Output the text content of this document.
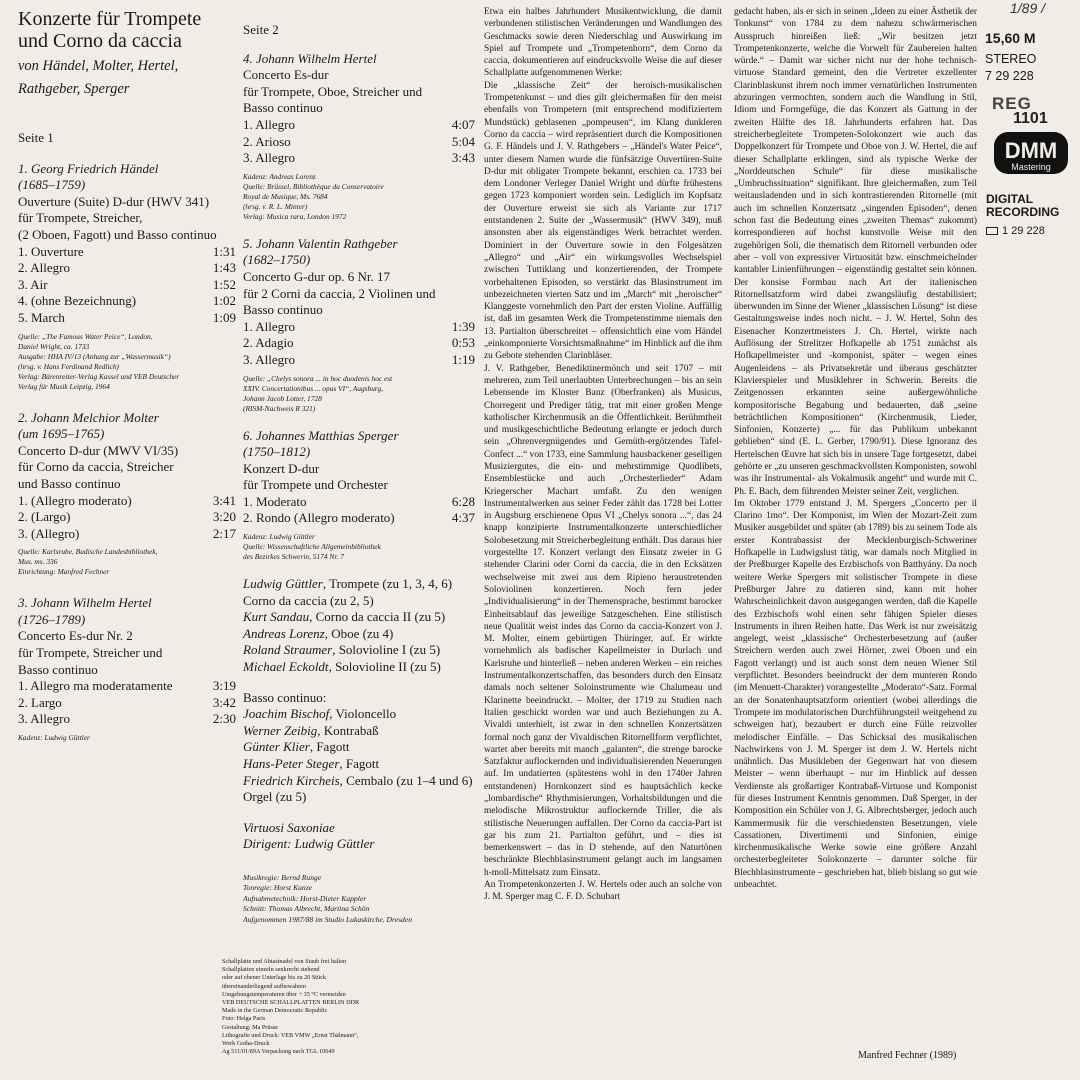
Konzerte für Trompete
und Corno da caccia
von Händel, Molter, Hertel,
Rathgeber, Sperger
Seite 1
1. Georg Friedrich Händel
(1685–1759)
Ouverture (Suite) D-dur (HWV 341)
für Trompete, Streicher,
(2 Oboen, Fagott) und Basso continuo
1. Ouverture	1:31
2. Allegro	1:43
3. Air	1:52
4. (ohne Bezeichnung)	1:02
5. March	1:09
Quelle: „The Famous Water Peice“, London,
Daniel Wright, ca. 1733
Ausgabe: HHA IV/13 (Anhang zur „Wassermusik“)
(hrsg. v. Hans Ferdinand Redlich)
Verlag: Bärenreiter-Verlag Kassel und VEB Deutscher
Verlag für Musik Leipzig, 1964
2. Johann Melchior Molter
(um 1695–1765)
Concerto D-dur (MWV VI/35)
für Corno da caccia, Streicher
und Basso continuo
1. (Allegro moderato)	3:41
2. (Largo)	3:20
3. (Allegro)	2:17
Quelle: Karlsruhe, Badische Landesbibliothek,
Mus. ms. 336
Einrichtung: Manfred Fechner
3. Johann Wilhelm Hertel
(1726–1789)
Concerto Es-dur Nr. 2
für Trompete, Streicher und
Basso continuo
1. Allegro ma moderatamente	3:19
2. Largo	3:42
3. Allegro	2:30
Kadenz: Ludwig Güttler
Seite 2
4. Johann Wilhelm Hertel
Concerto Es-dur
für Trompete, Oboe, Streicher und
Basso continuo
1. Allegro	4:07
2. Arioso	5:04
3. Allegro	3:43
Kadenz: Andreas Lorenz
Quelle: Brüssel, Bibliothèque du Conservatoire
Royal de Musique, Ms. 7684
(hrsg. v. R. L. Minter)
Verlag: Musica rara, London 1972
5. Johann Valentin Rathgeber
(1682–1750)
Concerto G-dur op. 6 Nr. 17
für 2 Corni da caccia, 2 Violinen und
Basso continuo
1. Allegro	1:39
2. Adagio	0:53
3. Allegro	1:19
Quelle: „Chelys sonora ... in hoc duodenis hoc est
XXIV. Concertationibus ... opus VI“, Augsburg,
Johann Jacob Lotter, 1728
(RISM-Nachweis R 321)
6. Johannes Matthias Sperger
(1750–1812)
Konzert D-dur
für Trompete und Orchester
1. Moderato	6:28
2. Rondo (Allegro moderato)	4:37
Kadenz: Ludwig Güttler
Quelle: Wissenschaftliche Allgemeinbibliothek
des Bezirkes Schwerin, 5174 Nr. 7
Ludwig Güttler, Trompete (zu 1, 3, 4, 6)
Corno da caccia (zu 2, 5)
Kurt Sandau, Corno da caccia II (zu 5)
Andreas Lorenz, Oboe (zu 4)
Roland Straumer, Solovioline I (zu 5)
Michael Eckoldt, Solovioline II (zu 5)
Basso continuo:
Joachim Bischof, Violoncello
Werner Zeibig, Kontrabaß
Günter Klier, Fagott
Hans-Peter Steger, Fagott
Friedrich Kircheis, Cembalo (zu 1–4 und 6)
Orgel (zu 5)
Virtuosi Saxoniae
Dirigent: Ludwig Güttler
Musikregie: Bernd Runge
Tonregie: Horst Kunze
Aufnahmetechnik: Horst-Dieter Kappler
Schnitt: Thomas Albrecht, Martina Schön
Aufgenommen 1987/88 im Studio Lukaskirche, Dresden
Schallplatte und Abtastnadel von Staub frei halten
Schallplatten einzeln senkrecht stehend
oder auf ebener Unterlage bis zu 20 Stück
übereinanderliegend aufbewahren
Umgebungstemperaturen über + 35 °C vermeiden
VEB DEUTSCHE SCHALLPLATTEN BERLIN DDR
Made in the German Democratic Republic
Foto: Helga Paris
Gestaltung: Ma Prüsse
Lithografie und Druck: VEB VMW „Ernst Thälmann“,
Werk Gotha-Druck
Ag 511/01/89A Verpackung nach TGL 10649

Etwa ein halbes Jahrhundert Musikentwicklung, die damit verbundenen stilistischen Veränderungen und Wandlungen des Geschmacks sowie deren Niederschlag und Auswirkung im Spiel auf Trompete und „Trompetenhorn“, dem Corno da caccia, dokumentieren auf eindrucksvolle Weise die auf dieser Schallplatte aufgenommenen Werke:

Die „klassische Zeit“ der heroisch-musikalischen Trompetenkunst – und dies gilt gleichermaßen für den meist ebenfalls von Trompetern (mit entsprechend modifiziertem Mundstück) geblasenen „pompeusen“, im Klang dunkleren Corno da caccia – wird repräsentiert durch die Kompositionen G. F. Händels und J. V. Rathgebers – „Händel's Water Peice“, unter diesem Namen wurde die fünfsätzige Ouvertüren-Suite D-dur mit obligater Trompete bekannt, erschien ca. 1733 bei dem Londoner Verleger Daniel Wright und dürfte frühestens gegen 1723 komponiert worden sein. Lediglich im Kopfsatz der Ouverture erweist sie sich als Variante zur 1717 entstandenen 2. Suite der „Wassermusik“ (HWV 349), muß ansonsten aber als eigenständiges Werk betrachtet werden. Dominiert in der Ouverture sowie in den Folgesätzen „Allegro“ und „Air“ ein wirkungsvolles Wechselspiel zwischen Tuttiklang und konzertierenden, der Trompete vorbehaltenen Episoden, so verstärkt das Blasinstrument im unbezeichneten vierten Satz und im „March“ mit „heroischer“ Klanggeste vornehmlich den Part der ersten Violine. Auffällig ist, daß im gesamten Werk die Trompetenstimme niemals den 13. Partialton überschreitet – offensichtlich eine vom Händel „einkomponierte Vorsichtsmaßnahme“ im Hinblick auf die ihm zu Gebote stehenden Clarinbläser.

J. V. Rathgeber, Benediktinermönch und seit 1707 – mit mehreren, zum Teil unerlaubten Unterbrechungen – bis an sein Lebensende im Kloster Banz (Oberfranken) als Musicus, Chorregent und Prediger tätig, trat mit einer großen Menge katholischer Kirchenmusik an die Öffentlichkeit. Berühmtheit und musikgeschichtliche Bedeutung erlangte er jedoch durch sein „Ohrenvergnügendes und Gemüth-ergötzendes Tafel-Confect ...“ von 1733, eine Sammlung hausbackener geselligen Musiziergutes, die ein- und mehrstimmige Quodlibets, Ensemblestücke und auch „Orchesterlieder“ Adam Kriegerscher Machart umfaßt. Zu den wenigen Instrumentalwerken aus seiner Feder zählt das 1728 bei Lotter in Augsburg erschienene Opus VI „Chelys sonora ...“, das 24 knapp konzipierte Instrumentalkonzerte unterschiedlicher Solobesetzung mit Streicherbegleitung enthält. Das daraus hier vorgestellte 17. Konzert verlangt den Einsatz zweier in G stehender Clarini oder Corni da caccia, die in den Ecksätzen wechselweise mit zwei aus dem Ripieno heraustretenden Soloviolinen konzertieren. Noch fern jeder „Individualisierung“ in der Themensprache, bestimmt barocker Einheitsablauf das jeweilige Satzgeschehen. Eine stilistisch neue Qualität weist indes das Corno da caccia-Konzert von J. M. Molter, einem gebürtigen Thüringer, auf. Er wirkte vornehmlich als badischer Kapellmeister in Durlach und Karlsruhe und hinterließ – neben anderen Werken – ein reiches Instrumentalkonzertschaffen, das besonders durch den Einsatz damals noch seltener Soloinstrumente wie Chalumeau und Klarinette beeindruckt. – Molter, der 1719 zu Studien nach Italien geschickt worden war und auch Beziehungen zu A. Vivaldi unterhielt, ist zwar in den schnellen Konzertsätzen formal noch ganz der Vivaldischen Ritornellform verpflichtet, wartet aber bereits mit manch „galanten“, die strenge barocke Satzfaktur auflockernden und individualisierenden Neuerungen auf. Im undatierten (spätestens wohl in den 1740er Jahren entstandenen) Hornkonzert sind es hauptsächlich kecke „lombardische“ Rhythmisierungen, Vorhaltsbildungen und die melodische Mikrostruktur auflockernde Triller, die als stilistische Neuerungen auffallen. Der Corno da caccia-Part ist gar bis zum 21. Partialton geführt, und – dies ist bemerkenswert – das in D stehende, auf den Naturtönen beschränkte Blechblasinstrument gelangt auch im langsamen h-moll-Mittelsatz zum Einsatz.

An Trompetenkonzerten J. W. Hertels oder auch an solche von J. M. Sperger mag C. F. D. Schubart

gedacht haben, als er sich in seinen „Ideen zu einer Ästhetik der Tonkunst“ von 1784 zu dem nahezu schwärmerischen Ausspruch hinreißen ließ: „Wir besitzen jetzt Trompetenkonzerte, welche die Vorwelt für Zaubereien halten würde.“ – Damit war sicher nicht nur der hohe technisch-virtuose Standard gemeint, den die Vertreter exzellenter Clarinblaskunst ihrem noch immer vernatürlichen Instrumenten abzuringen vermochten, sondern auch die Wandlung in Stil, Idiom und Formgefüge, die das Konzert als Gattung in der zweiten Hälfte des 18. Jahrhunderts erfahren hat. Das streicherbegleitete Trompeten-Solokonzert wie auch das Doppelkonzert für Trompete und Oboe von J. W. Hertel, die auf dieser Schallplatte erklingen, sind als typische Werke der „Norddeutschen Schule“ für diese musikalische „Umbruchssituation“ signifikant. Ihre gleichermaßen, zum Teil weitausladenden und in sich kontrastierenden Ritornelle (mit auch im schnellen Konzertsatz „singenden Episoden“, denen schon fast die Bedeutung eines „zweiten Themas“ zukommt) korrespondieren auf hochst kunstvolle Weise mit den zugehörigen Soli, die thematisch dem Ritornell verbunden oder aber – voll von expressiver Virtuosität bzw. einschmeichelnder kantabler Linienführungen – eigenständig gestaltet sein können. Der konsise Formbau nach Art der italienischen Ritornellsatzform wird dabei zwangsläufig destabilisiert; überwunden im Sinne der Wiener „klassischen Lösung“ ist diese Gestaltungsweise indes noch nicht. – J. W. Hertel, Sohn des Eisenacher Konzertmeisters J. Ch. Hertel, wirkte nach Auflösung der Strelitzer Hofkapelle ab 1751 zunächst als Hofkapellmeister und -komponist, später – wegen eines Augenleidens – als Privatsekretär und überaus geschätzter Klavierspieler und Musiklehrer in Schwerin. Bereits die Zeitgenossen erkannten seine außergewöhnliche kompositorische Begabung und bedauerten, daß „seine beträchtlichen Kompositionen“ (Kirchenmusik, Lieder, Sinfonien, Konzerte) „... für das Publikum unbekannt geblieben“ sind (E. L. Gerber, 1790/91). Diese Ignoranz des Hertelschen Œuvre hat sich bis in unsere Tage fortgesetzt, dabei gehörte er „zu unseren geschmackvollsten Komponisten, sowohl was ihr Instrumental- als Vokalmusik angeht“ und wurde mit C. Ph. E. Bach, dem führenden Meister seiner Zeit, verglichen.

Im Oktober 1779 entstand J. M. Spergers „Concerto per il Clarino 1mo“. Der Komponist, im Wien der Mozart-Zeit zum Musiker ausgebildet und später (ab 1789) bis zu seinem Tode als erster Kontrabassist der Mecklenburgisch-Schweriner Hofkapelle in Ludwigslust tätig, war damals noch Mitglied in der Preßburger Kapelle des Erzbischofs von Batthyány. Da noch weitere Werke Spergers mit solistischer Trompete in diese Preßburger Jahre zu datieren sind, kann mit hoher Wahrscheinlichkeit davon ausgegangen werden, daß die Kapelle des Erzbischofs wohl einen sehr fähigen Spieler dieses Instruments in ihren Reihen hatte. Das Werk ist nur zweisätzig angelegt, weist „klassische“ Orchesterbesetzung auf (außer Streichern werden auch zwei Hörner, zwei Oboen und ein Fagott verlangt) und ist auch sonst dem neuen Wiener Stil verpflichtet. Besonders beeindruckt der dem munteren Rondo (im Menuett-Charakter) vorangestellte „Moderato“-Satz. Formal an der Sonatenhauptsatzform orientiert (wobei allerdings die Trompete im modulatorischen Durchführungsteil weitgehend zu schweigen hat), bezaubert er durch eine Fülle reizvoller melodischer Einfälle. – Das Schicksal des musikalischen Nachwirkens von J. M. Sperger ist dem J. W. Hertels nicht unähnlich. Das Musikleben der Gegenwart hat von diesem Meister – wenn überhaupt – nur im Hinblick auf dessen Verdienste als großartiger Kontrabaß-Virtuose und Komponist für dieses Instrument Kenntnis genommen. Daß Sperger, in der Komposition ein Schüler von J. G. Albrechtsberger, jedoch auch Kammermusik für die verschiedensten Besetzungen, viele Cassationen, Divertimenti und Sinfonien, einige kirchenmusikalische Werke sowie eine größere Anzahl orchesterbegleiteter Solokonzerte – darunter solche für Blechblasinstrumente – geschrieben hat, blieb bislang so gut wie unbeachtet.

Manfred Fechner (1989)
1/89 /
15,60 M
STEREO
7 29 228
REG
1101
DMM
Mastering
DIGITAL
RECORDING
1 29 228
